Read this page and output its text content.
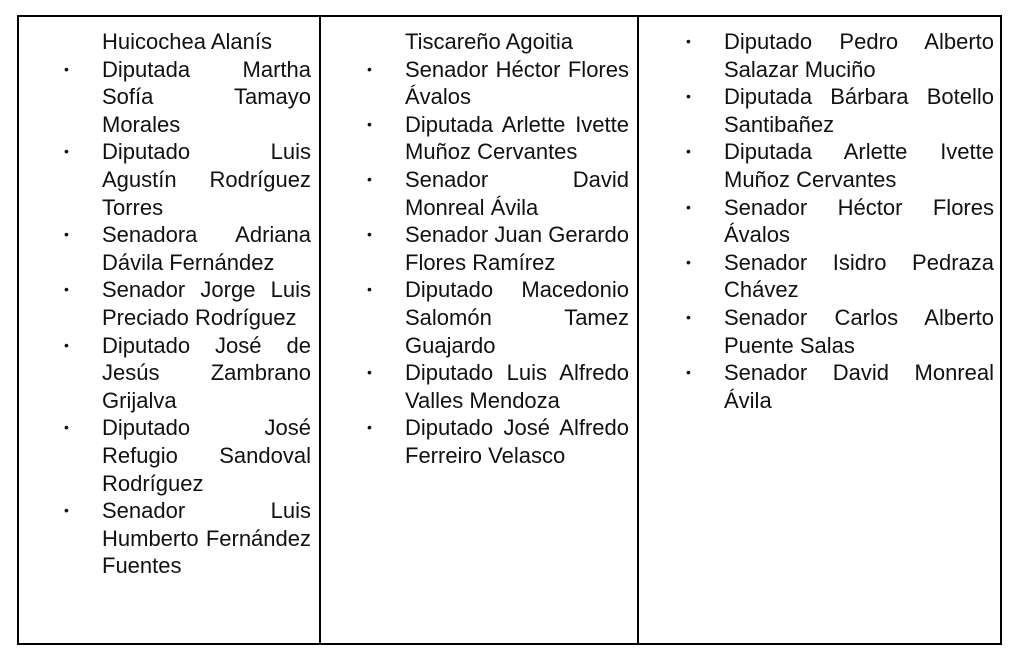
Huicochea Alanís

• Diputada Martha Sofía Tamayo Morales
• Diputado Luis Agustín Rodríguez Torres
• Senadora Adriana Dávila Fernández
• Senador Jorge Luis Preciado Rodríguez
• Diputado José de Jesús Zambrano Grijalva
• Diputado José Refugio Sandoval Rodríguez
• Senador Luis Humberto Fernández Fuentes

Tiscareño Agoitia

• Senador Héctor Flores Ávalos
• Diputada Arlette Ivette Muñoz Cervantes
• Senador David Monreal Ávila
• Senador Juan Gerardo Flores Ramírez
• Diputado Macedonio Salomón Tamez Guajardo
• Diputado Luis Alfredo Valles Mendoza
• Diputado José Alfredo Ferreiro Velasco
• Diputado Pedro Alberto Salazar Muciño
• Diputada Bárbara Botello Santibañez
• Diputada Arlette Ivette Muñoz Cervantes
• Senador Héctor Flores Ávalos
• Senador Isidro Pedraza Chávez
• Senador Carlos Alberto Puente Salas
• Senador David Monreal Ávila
